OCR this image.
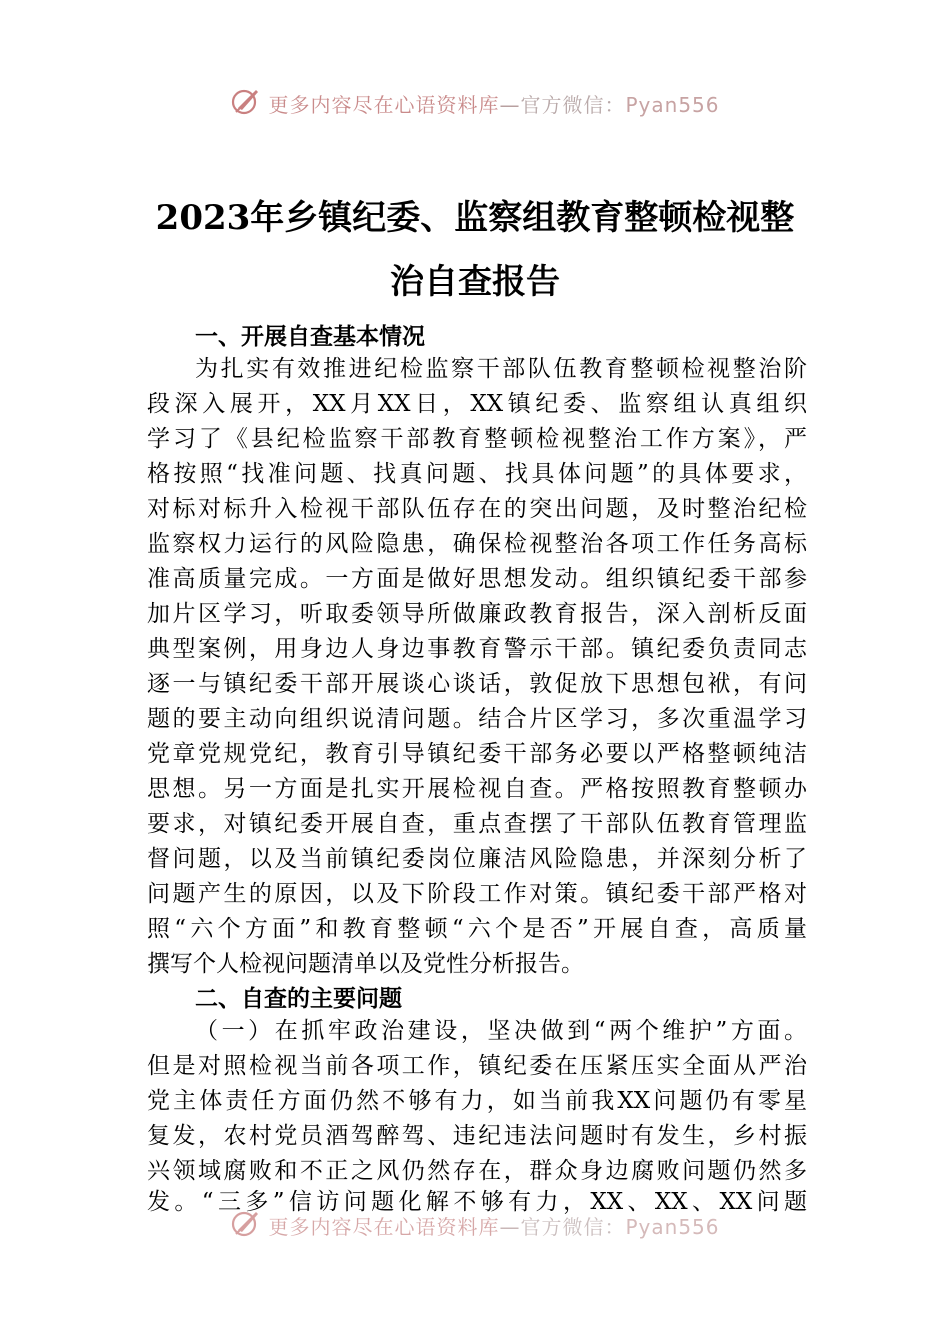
更多内容尽在心语资料库—官方微信：Pyan556
2023年乡镇纪委、监察组教育整顿检视整
治自查报告
一、开展自查基本情况
为扎实有效推进纪检监察干部队伍教育整顿检视整治阶
段深入展开，XX月XX日，XX镇纪委、监察组认真组织
学习了《县纪检监察干部教育整顿检视整治工作方案》，严
格按照“找准问题、找真问题、找具体问题”的具体要求，
对标对标升入检视干部队伍存在的突出问题，及时整治纪检
监察权力运行的风险隐患，确保检视整治各项工作任务高标
准高质量完成。一方面是做好思想发动。组织镇纪委干部参
加片区学习，听取委领导所做廉政教育报告，深入剖析反面
典型案例，用身边人身边事教育警示干部。镇纪委负责同志
逐一与镇纪委干部开展谈心谈话，敦促放下思想包袱，有问
题的要主动向组织说清问题。结合片区学习，多次重温学习
党章党规党纪，教育引导镇纪委干部务必要以严格整顿纯洁
思想。另一方面是扎实开展检视自查。严格按照教育整顿办
要求，对镇纪委开展自查，重点查摆了干部队伍教育管理监
督问题，以及当前镇纪委岗位廉洁风险隐患，并深刻分析了
问题产生的原因，以及下阶段工作对策。镇纪委干部严格对
照“六个方面”和教育整顿“六个是否”开展自查，高质量
撰写个人检视问题清单以及党性分析报告。
二、自查的主要问题
（一）在抓牢政治建设，坚决做到“两个维护”方面。
但是对照检视当前各项工作，镇纪委在压紧压实全面从严治
党主体责任方面仍然不够有力，如当前我XX问题仍有零星
复发，农村党员酒驾醉驾、违纪违法问题时有发生，乡村振
兴领域腐败和不正之风仍然存在，群众身边腐败问题仍然多
发。“三多”信访问题化解不够有力，XX、XX、XX问题
更多内容尽在心语资料库—官方微信：Pyan556
